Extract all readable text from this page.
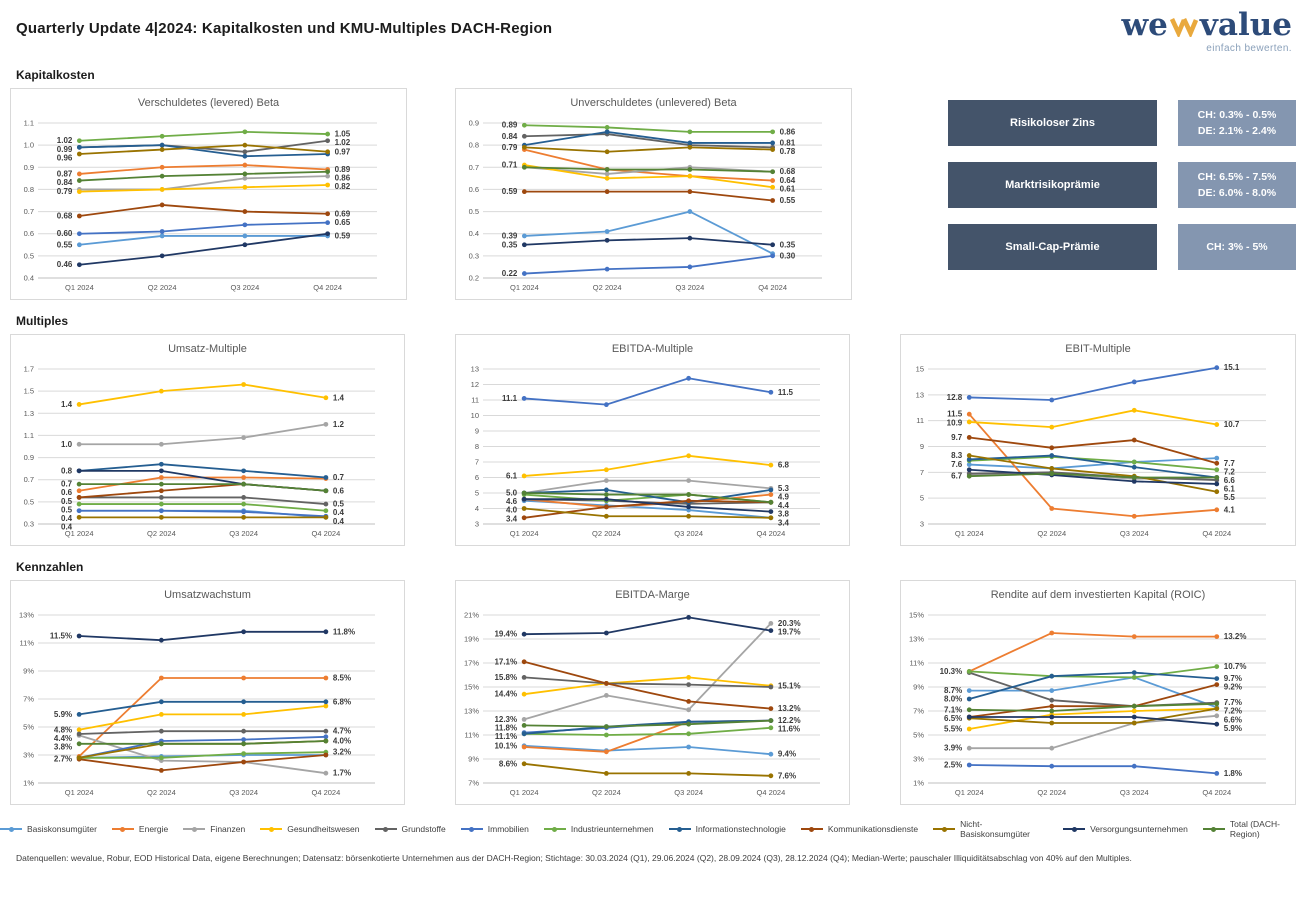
Quarterly Update 4|2024: Kapitalkosten und KMU-Multiples DACH-Region	we value
einfach bewerten.
Kapitalkosten
Verschuldetes (levered) Beta
0.4
0.5
0.6
0.7
0.8
0.9
1.0
1.1
Q1 2024	Q2 2024	Q3 2024	Q4 2024
1.02
0.99
0.96
0.87
0.84
0.79
0.68
0.60
0.55
0.46
1.05
1.02
0.97
0.89
0.86
0.82
0.69
0.65
0.59
Unverschuldetes (unlevered) Beta
0.2
0.3
0.4
0.5
0.6
0.7
0.8
0.9
Q1 2024	Q2 2024	Q3 2024	Q4 2024
0.89
0.84
0.79
0.71
0.59
0.39
0.35
0.22
0.86
0.81
0.78
0.68
0.64
0.61
0.55
0.35
0.30
Risikoloser Zins
CH: 0.3% - 0.5%
DE: 2.1% - 2.4%
Marktrisikoprämie
CH: 6.5% - 7.5%
DE: 6.0% - 8.0%
Small-Cap-Prämie	CH: 3% - 5%
Multiples
Umsatz-Multiple
0.3
0.5
0.7
0.9
1.1
1.3
1.5
1.7
Q1 2024	Q2 2024	Q3 2024	Q4 2024
1.4
1.0
0.8
0.7
0.6
0.5
0.5
0.4
0.4
1.4
1.2
0.7
0.6
0.5
0.4
0.4
EBITDA-Multiple
3
4
5
6
7
8
9
10
11
12
13
Q1 2024	Q2 2024	Q3 2024	Q4 2024
11.1
6.1
5.0
4.6
4.0
3.4
11.5
6.8
5.3
4.9
4.4
3.8
3.4
EBIT-Multiple
3
5
7
9
11
13
15
Q1 2024	Q2 2024	Q3 2024	Q4 2024
12.8
11.5
10.9
9.7
8.3
7.6
6.7
15.1
10.7
7.7
7.2
6.6
6.1
5.5
4.1
Kennzahlen
Umsatzwachstum
1%
3%
5%
7%
9%
11%
13%
Q1 2024	Q2 2024	Q3 2024	Q4 2024
11.5%
5.9%
4.8%
4.4%
3.8%
2.7%
11.8%
8.5%
6.8%
4.7%
4.0%
3.2%
1.7%
EBITDA-Marge
7%
9%
11%
13%
15%
17%
19%
21%
Q1 2024	Q2 2024	Q3 2024	Q4 2024
19.4%
17.1%
15.8%
14.4%
12.3%
11.8%
11.1%
10.1%
8.6%
20.3%
19.7%
15.1%
13.2%
12.2%
11.6%
9.4%
7.6%
Rendite auf dem investierten Kapital (ROIC)
1%
3%
5%
7%
9%
11%
13%
15%
Q1 2024	Q2 2024	Q3 2024	Q4 2024
10.3%
8.7%
8.0%
7.1%
6.5%
5.5%
3.9%
2.5%
13.2%
10.7%
9.7%
9.2%
7.7%
7.2%
6.6%
5.9%
1.8%
Basiskonsumgüter	Energie	Finanzen	Gesundheitswesen	Grundstoffe	Immobilien	Industrieunternehmen	Informationstechnologie	Kommunikationsdienste	Nicht-Basiskonsumgüter	Versorgungsunternehmen	Total (DACH-Region)
Datenquellen: wevalue, Robur, EOD Historical Data, eigene Berechnungen; Datensatz: börsenkotierte Unternehmen aus der DACH-Region; Stichtage: 30.03.2024 (Q1), 29.06.2024 (Q2), 28.09.2024 (Q3), 28.12.2024 (Q4); Median-Werte; pauschaler Illiquiditätsabschlag von 40% auf den Multiples.
